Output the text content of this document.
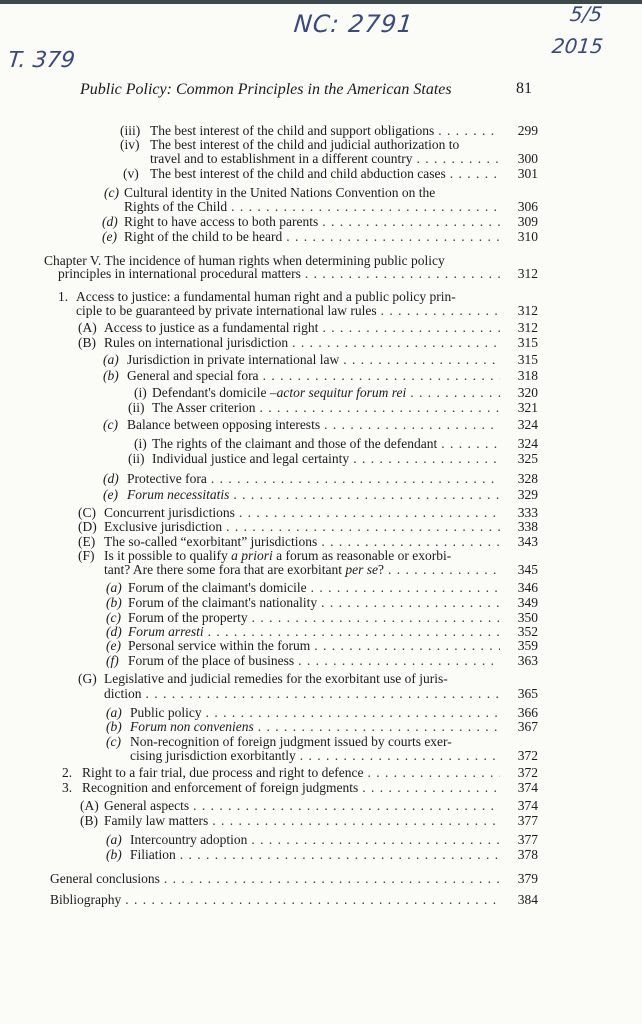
NC: 2791
T. 379
5/5
2015
Public Policy: Common Principles in the American States	81
(iii) The best interest of the child and support obligations . . .	299
(iv) The best interest of the child and judicial authorization to
travel and to establishment in a different country . . .	300
(v) The best interest of the child and child abduction cases . . .	301
(c) Cultural identity in the United Nations Convention on the
Rights of the Child . . .	306
(d) Right to have access to both parents . . .	309
(e) Right of the child to be heard . . .	310
Chapter V. The incidence of human rights when determining public policy
principles in international procedural matters . . .	312
1. Access to justice: a fundamental human right and a public policy prin-
ciple to be guaranteed by private international law rules . . .	312
(A) Access to justice as a fundamental right . . .	312
(B) Rules on international jurisdiction . . .	315
(a) Jurisdiction in private international law . . .	315
(b) General and special fora . . .	318
(i) Defendant's domicile –actor sequitur forum rei . . .	320
(ii) The Asser criterion . . .	321
(c) Balance between opposing interests . . .	324
(i) The rights of the claimant and those of the defendant . . .	324
(ii) Individual justice and legal certainty . . .	325
(d) Protective fora . . .	328
(e) Forum necessitatis . . .	329
(C) Concurrent jurisdictions . . .	333
(D) Exclusive jurisdiction . . .	338
(E) The so-called “exorbitant” jurisdictions . . .	343
(F) Is it possible to qualify a priori a forum as reasonable or exorbi-
tant? Are there some fora that are exorbitant per se? . . .	345
(a) Forum of the claimant's domicile . . .	346
(b) Forum of the claimant's nationality . . .	349
(c) Forum of the property . . .	350
(d) Forum arresti . . .	352
(e) Personal service within the forum . . .	359
(f) Forum of the place of business . . .	363
(G) Legislative and judicial remedies for the exorbitant use of juris-
diction . . .	365
(a) Public policy . . .	366
(b) Forum non conveniens . . .	367
(c) Non-recognition of foreign judgment issued by courts exer-
cising jurisdiction exorbitantly . . .	372
2. Right to a fair trial, due process and right to defence . . .	372
3. Recognition and enforcement of foreign judgments . . .	374
(A) General aspects . . .	374
(B) Family law matters . . .	377
(a) Intercountry adoption . . .	377
(b) Filiation . . .	378
General conclusions . . .	379
Bibliography . . .	384
